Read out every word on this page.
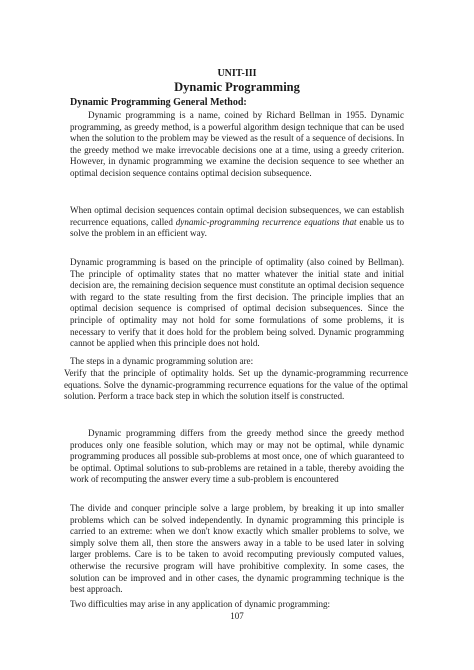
UNIT-III
Dynamic Programming
Dynamic Programming General Method:

Dynamic programming is a name, coined by Richard Bellman in 1955. Dynamic programming, as greedy method, is a powerful algorithm design technique that can be used when the solution to the problem may be viewed as the result of a sequence of decisions. In the greedy method we make irrevocable decisions one at a time, using a greedy criterion. However, in dynamic programming we examine the decision sequence to see whether an optimal decision sequence contains optimal decision subsequence.

When optimal decision sequences contain optimal decision subsequences, we can establish recurrence equations, called dynamic-programming recurrence equations that enable us to solve the problem in an efficient way.

Dynamic programming is based on the principle of optimality (also coined by Bellman). The principle of optimality states that no matter whatever the initial state and initial decision are, the remaining decision sequence must constitute an optimal decision sequence with regard to the state resulting from the first decision. The principle implies that an optimal decision sequence is comprised of optimal decision subsequences. Since the principle of optimality may not hold for some formulations of some problems, it is necessary to verify that it does hold for the problem being solved. Dynamic programming cannot be applied when this principle does not hold.

The steps in a dynamic programming solution are:

Verify that the principle of optimality holds. Set up the dynamic-programming recurrence equations. Solve the dynamic-programming recurrence equations for the value of the optimal solution. Perform a trace back step in which the solution itself is constructed.

Dynamic programming differs from the greedy method since the greedy method produces only one feasible solution, which may or may not be optimal, while dynamic programming produces all possible sub-problems at most once, one of which guaranteed to be optimal. Optimal solutions to sub-problems are retained in a table, thereby avoiding the work of recomputing the answer every time a sub-problem is encountered

The divide and conquer principle solve a large problem, by breaking it up into smaller problems which can be solved independently. In dynamic programming this principle is carried to an extreme: when we don't know exactly which smaller problems to solve, we simply solve them all, then store the answers away in a table to be used later in solving larger problems. Care is to be taken to avoid recomputing previously computed values, otherwise the recursive program will have prohibitive complexity. In some cases, the solution can be improved and in other cases, the dynamic programming technique is the best approach.

Two difficulties may arise in any application of dynamic programming:

107
